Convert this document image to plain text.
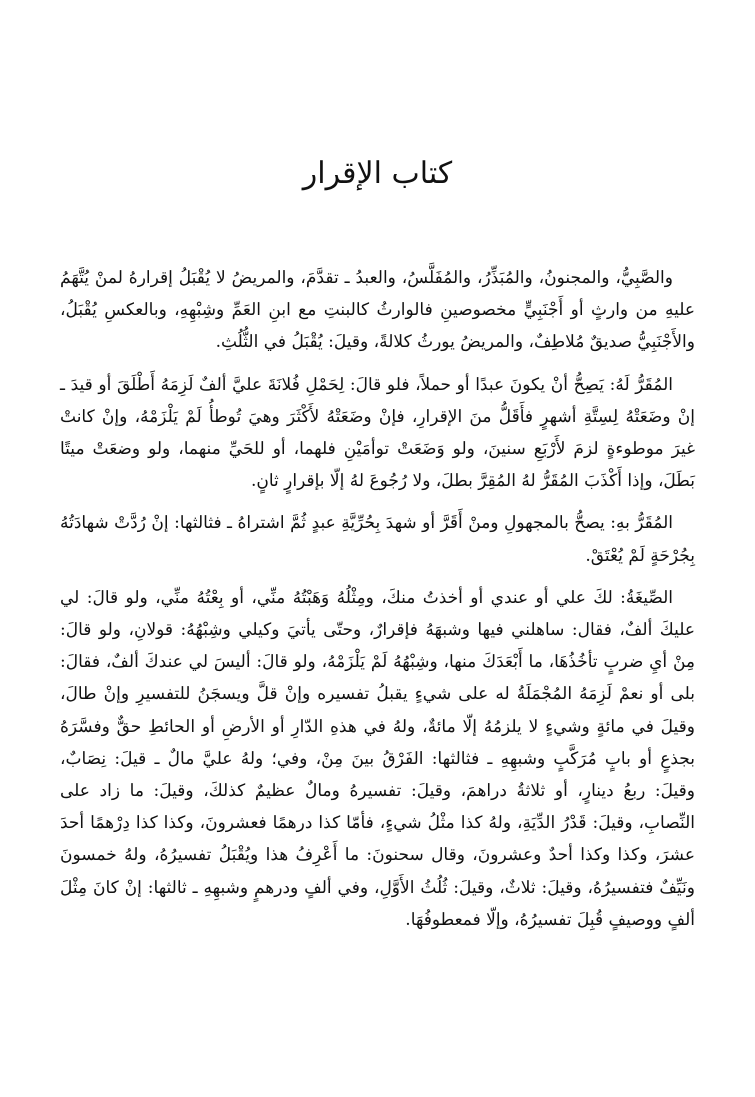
كتاب الإقرار

والصَّبِيُّ، والمجنونُ، والمُبَذِّرُ، والمُفَلَّسُ، والعبدُ ـ تقدَّمَ، والمريضُ لا يُقْبَلُ إقرارهُ لمنْ يُتَّهَمُ عليهِ من وارثٍ أو أَجْنَبِيٍّ مخصوصينِ فالوارثُ كالبنتِ مع ابنِ العَمِّ وشِبْهِهِ، وبالعكسِ يُقْبَلُ، والأَجْنَبِيُّ صديقٌ مُلاطِفٌ، والمريضُ يورثُ كلالةً، وقيلَ: يُقْبَلُ في الثُّلُثِ.

المُقَرُّ لَهُ: يَصِحُّ أنْ يكونَ عبدًا أو حملاً، فلو قالَ: لِحَمْلِ فُلانَةَ عليَّ ألفٌ لَزِمَهُ أَطْلَقَ أو قيدَ ـ إنْ وضَعَتْهُ لِسِتَّةِ أشهرٍ فأَقَلُّ منَ الإقرارِ، فإنْ وضَعَتْهُ لأَكْثَرَ وهيَ تُوطأُ لَمْ يَلْزَمْهُ، وإنْ كانتْ غيرَ موطوءةٍ لزمَ لأَرْبَعِ سنينَ، ولو وَضَعَتْ توأمَيْنِ فلهما، أو للحَيِّ منهما، ولو وضعَتْ ميتًا بَطَلَ، وإذا أَكْذَبَ المُقَرُّ لهُ المُقِرَّ بطلَ، ولا رُجُوعَ لهُ إلّا بإقرارٍ ثانٍ.

المُقَرُّ بهِ: يصحُّ بالمجهولِ ومنْ أَقَرَّ أو شهدَ بِحُرِّيَّةِ عبدٍ ثُمَّ اشتراهُ ـ فثالثها: إنْ رُدَّتْ شهادَتُهُ بِجُرْحَةٍ لَمْ يُعْتَقْ.

الصِّيغَةُ: لكَ علي أو عندي أو أخذتُ منكَ، ومِثْلُهُ وَهَبْتُهُ منِّي، أو بِعْتُهُ منِّي، ولو قالَ: لي عليكَ ألفٌ، فقال: ساهلني فيها وشبهَهُ فإقرارٌ، وحتّى يأتيَ وكيلي وشِبْهُهُ: قولانِ، ولو قالَ: مِنْ أيِ ضربٍ تأخُذُهَا، ما أَبْعَدَكَ منها، وشِبْهُهُ لَمْ يَلْزَمْهُ، ولو قالَ: أليسَ لي عندكَ ألفٌ، فقالَ: بلى أو نعمْ لَزِمَهُ المُجْمَلَةُ له على شيءٍ يقبلُ تفسيره وإنْ قلَّ ويسجَنُ للتفسيرِ وإنْ طالَ، وقيلَ في مائةٍ وشيءٍ لا يلزمُهُ إلّا مائةٌ، ولهُ في هذهِ الدّارِ أو الأرضِ أو الحائطِ حقٌّ وفسَّرَهُ بجذعٍ أو بابٍ مُرَكَّبٍ وشبهِهِ ـ فثالثها: الفَرْقُ بينَ مِنْ، وفي؛ ولهُ عليَّ مالٌ ـ قيلَ: نِصَابٌ، وقيلَ: ربعُ دينارٍ، أو ثلاثةُ دراهمَ، وقيلَ: تفسيرهُ ومالٌ عظيمٌ كذلكَ، وقيلَ: ما زاد على النِّصابِ، وقيلَ: قَدْرُ الدِّيَةِ، ولهُ كذا مثْلُ شيءٍ، فأمّا كذا درهمًا فعشرونَ، وكذا كذا دِرْهمًا أحدَ عشرَ، وكذا وكذا أحدٌ وعشرونَ، وقال سحنونَ: ما أَعْرِفُ هذا ويُقْبَلُ تفسيرُهُ، ولهُ خمسونَ ونَيِّفٌ فتفسيرُهُ، وقيلَ: ثلاثٌ، وقيلَ: ثُلُثُ الأَوَّلِ، وفي ألفٍ ودرهمٍ وشبهِهِ ـ ثالثها: إنْ كانَ مِثْلَ ألفٍ ووصيفٍ قُبِلَ تفسيرُهُ، وإلّا فمعطوفُهَا.
